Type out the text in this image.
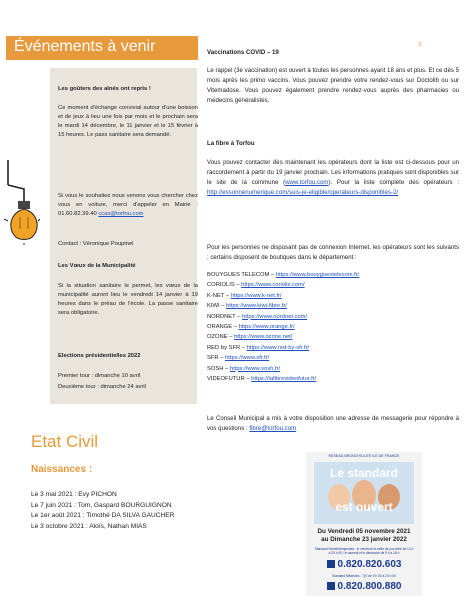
Événements à venir	3

Les goûters des aînés ont repris !

Ce moment d'échange convivial autour d'une boisson et de jeux à lieu une fois par mois et le prochain sera le mardi 14 décembre, le 11 janvier et le 15 février à 15 heures. Le pass sanitaire sera demandé.

Si vous le souhaitez nous venons vous chercher chez vous en voiture, merci d'appeler en Mairie : 01.60.82.39.40 ccas@torfou.com

Contact : Véronique Poupinel

Les Vœux de la Municipalité

Si la situation sanitaire le permet, les vœux de la municipalité auront lieu le vendredi 14 janvier à 19 heures dans le préau de l'école. La passe sanitaire sera obligatoire.

Elections présidentielles 2022

Premier tour : dimanche 10 avril

Deuxième tour : dimanche 24 avril

Vaccinations COVID – 19

Le rappel (3e vaccination) est ouvert à toutes les personnes ayant 18 ans et plus. Et ce dès 5 mois après les primo vaccins. Vous pouvez prendre votre rendez-vous sur Doctolib ou sur Vitemadose. Vous pouvez également prendre rendez-vous auprès des pharmacies ou médecins généralistes.

La fibre à Torfou

Vous pouvez contacter dès maintenant les opérateurs dont la liste est ci-dessous pour un raccordement à partir du 19 janvier prochain. Les informations pratiques sont disponibles sur le site de la commune (www.torfou.com). Pour la liste complète des opérateurs : http://essonnenumerique.com/suis-je-eligible/operateurs-disponibles-2/

Pour les personnes ne disposant pas de connexion Internet, les opérateurs sont les suivants ; certains disposent de boutiques dans le département :

BOUYGUES TELECOM – https://www.bouyguestelecom.fr/
CORIOLIS – https://www.coriolis.com/
K-NET – https://www.k-net.fr/
KIWI – https://www.kiwi-fibre.fr/
NORDNET – https://www.nordnet.com/
ORANGE – https://www.orange.fr/
OZONE – https://www.ozone.net/
RED by SFR – https://www.red-by-sfr.fr/
SFR – https://www.sfr.fr/
SOSH – https://www.sosh.fr/
VIDEOFUTUR – https://lafibrevideofutur.fr/

Le Conseil Municipal a mis à votre disposition une adresse de messagerie pour répondre à vos questions : fibre@torfou.com

Etat Civil
Naissances :
Le 3 mai 2021 : Evy PICHON
Le 7 juin 2021 : Tom, Gaspard BOURGUIGNON
Le 1er août 2021 : Timothé DA SILVA GAUCHER
Le 3 octobre 2021 : Aloïs, Nathan MIAS
RESEAU BRONCHIOLITE ILE DE FRANCE
Le standard
est ouvert
Du Vendredi 05 novembre 2021
au Dimanche 23 janvier 2022
Standard Kinésithérapeutes : le vendredi et veille de jour férié de 12 h à 20 h 00 / le samedi et le dimanche de 9 h à 18 h
0.820.820.603
Standard Médecins : 7j/7 de 9 h 00 à 23 h 00
0.820.800.880
